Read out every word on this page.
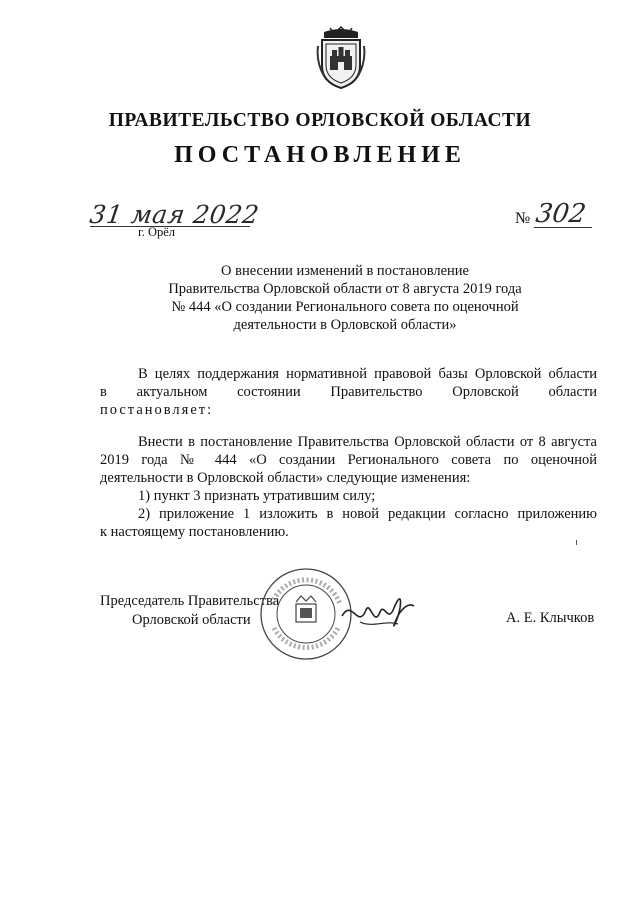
ПРАВИТЕЛЬСТВО ОРЛОВСКОЙ ОБЛАСТИ
ПОСТАНОВЛЕНИЕ
31 мая 2022
г. Орёл
№ 302
О внесении изменений в постановление
Правительства Орловской области от 8 августа 2019 года
№ 444 «О создании Регионального совета по оценочной
деятельности в Орловской области»
В целях поддержания нормативной правовой базы Орловской области
в актуальном состоянии Правительство Орловской области
постановляет:
Внести в постановление Правительства Орловской области от 8 августа
2019 года № 444 «О создании Регионального совета по оценочной
деятельности в Орловской области» следующие изменения:
1) пункт 3 признать утратившим силу;
2) приложение 1 изложить в новой редакции согласно приложению
к настоящему постановлению.
Председатель Правительства
Орловской области	А. Е. Клычков
